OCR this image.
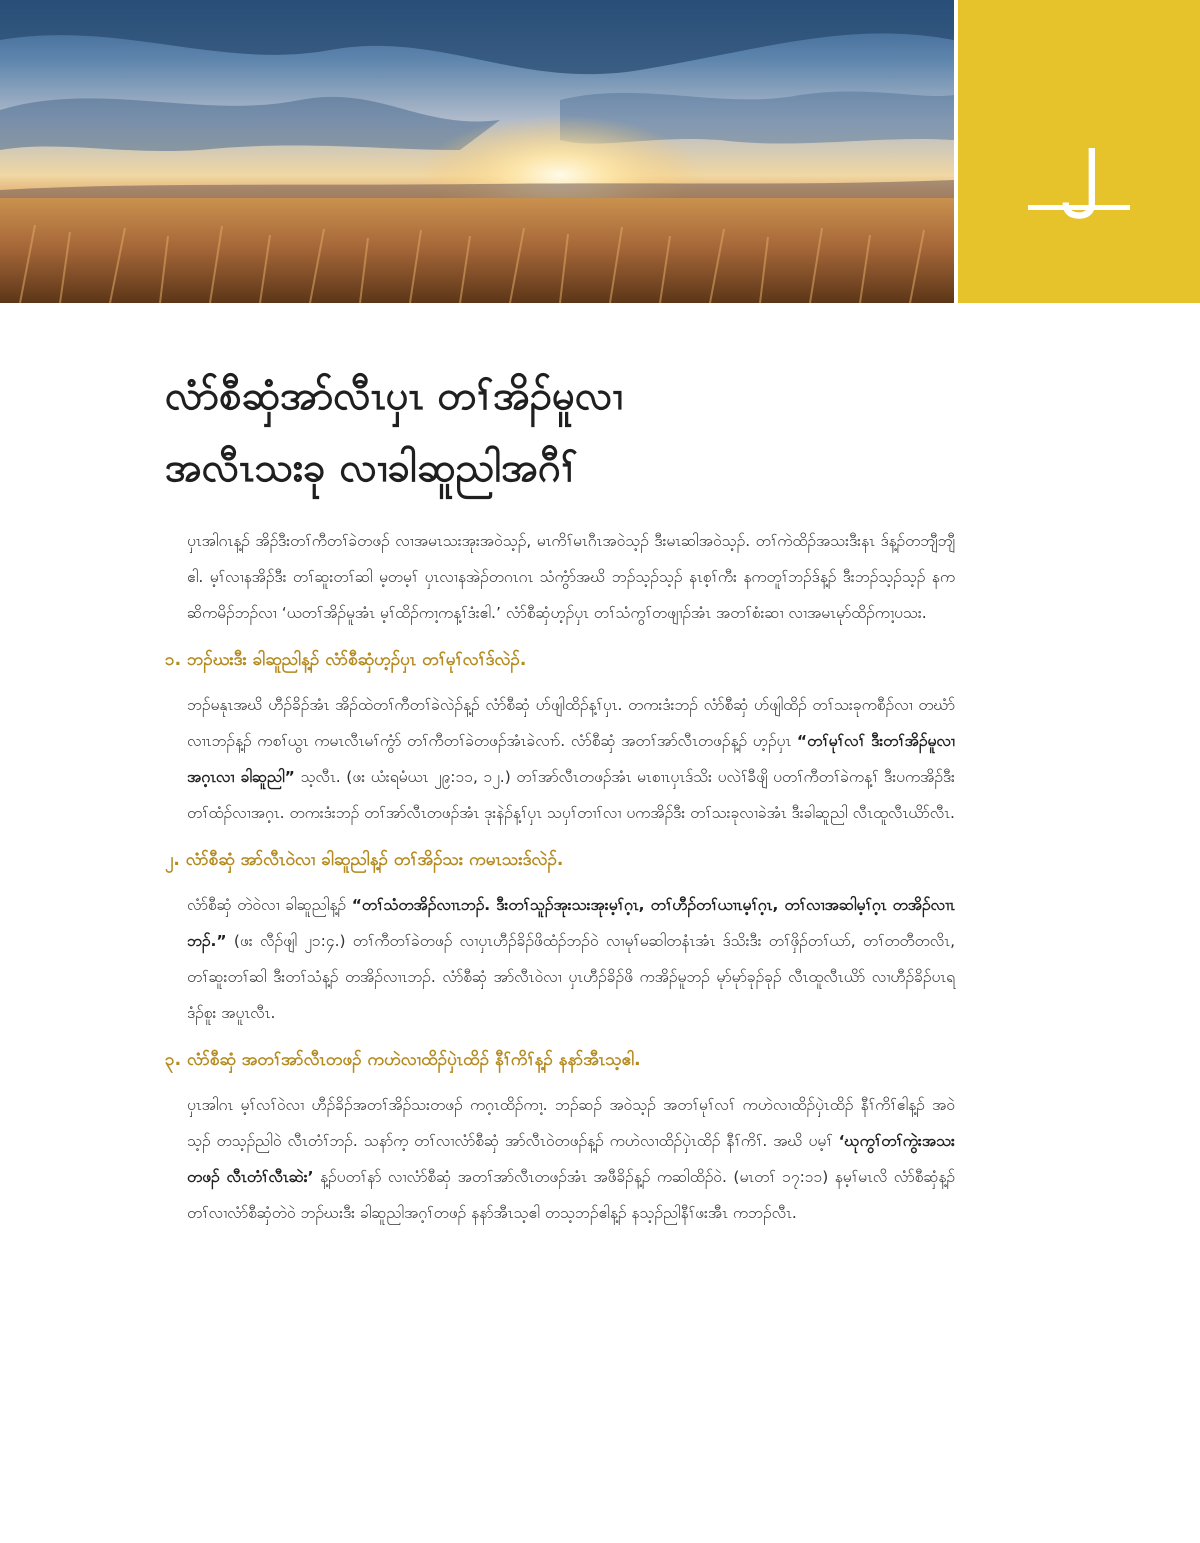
၂
လံာ်စီဆှံအာ်လီၤပှၤ တၢ်အိၣ်မူလၢ
အလီၤသးခု လၢခါဆူညါအဂီၢ်

ပှၤအါဂၤန့ၣ် အိၣ်ဒီးတၢ်ကီတၢ်ခဲတဖၣ် လၢအမၤသးအုးအဝဲသ့ၣ်, မၤကိၢ်မၤဂီၤအဝဲသ့ၣ် ဒီးမၤဆါအဝဲသ့ၣ်. တၢ်ကဲထိၣ်အသးဒီးနၤ ဒ်န့ၣ်တဘျီဘျီဧါ. မ့ၢ်လၢနအိၣ်ဒီး တၢ်ဆူးတၢ်ဆါ မ့တမ့ၢ် ပှၤလၢနအဲၣ်တဂၤဂၤ သံကွံာ်အဃိ ဘၣ်သ့ၣ်သ့ၣ် နၤစ့ၢ်ကီး နကတူၢ်ဘၣ်ဒ်န့ၣ် ဒီးဘၣ်သ့ၣ်သ့ၣ် နကဆိကမိၣ်ဘၣ်လၢ ‘ယတၢ်အိၣ်မူအံၤ မ့ၢ်ထိၣ်ကၢ့ကန့ၢ်ဒံးဧါ.’ လံာ်စီဆှံဟ့ၣ်ပှၤ တၢ်သံကွၢ်တဖျၢၣ်အံၤ အတၢ်စံးဆၢ လၢအမၤမုာ်ထိၣ်ကၢ့ပသး.

၁. ဘၣ်ဃးဒီး ခါဆူညါန့ၣ် လံာ်စီဆှံဟ့ၣ်ပှၤ တၢ်မုၢ်လၢ်ဒ်လဲၣ်.

ဘၣ်မနုၤအဃိ ဟီၣ်ခိၣ်အံၤ အိၣ်ထဲတၢ်ကီတၢ်ခဲလဲၣ်န့ၣ် လံာ်စီဆှံ ပာ်ဖျါထိၣ်န့ၢ်ပှၤ. တကးဒံးဘၣ် လံာ်စီဆှံ ပာ်ဖျါထိၣ် တၢ်သးခုကစီၣ်လၢ တဃံာ်လၢၤဘၣ်န့ၣ် ကစၢ်ယွၤ ကမၤလီၤမၢ်ကွံာ် တၢ်ကီတၢ်ခဲတဖၣ်အံၤခဲလၢာ်. လံာ်စီဆှံ အတၢ်အာ်လီၤတဖၣ်န့ၣ် ဟ့ၣ်ပှၤ “တၢ်မုၢ်လၢ် ဒီးတၢ်အိၣ်မူလၢ အဂ့ၤလၢ ခါဆူညါ” သ့လီၤ. (ဖး ယံးရမံယၤ ၂၉:၁၁, ၁၂.) တၢ်အာ်လီၤတဖၣ်အံၤ မၤစၢၤပှၤဒ်သိး ပလဲၢ်ခီဖျိ ပတၢ်ကီတၢ်ခဲကန့ၢ် ဒီးပကအိၣ်ဒီးတၢ်ထံၣ်လၢအဂ့ၤ. တကးဒံးဘၣ် တၢ်အာ်လီၤတဖၣ်အံၤ ဒုးနဲၣ်န့ၢ်ပှၤ သပှၢ်တၢၢ်လၢ ပကအိၣ်ဒီး တၢ်သးခုလၢခဲအံၤ ဒီးခါဆူညါ လီၤထူလီၤယိာ်လီၤ.

၂. လံာ်စီဆှံ အာ်လီၤဝဲလၢ ခါဆူညါန့ၣ် တၢ်အိၣ်သး ကမၤသးဒ်လဲၣ်.

လံာ်စီဆှံ တဲဝဲလၢ ခါဆူညါန့ၣ် “တၢ်သံတအိၣ်လၢၤဘၣ်. ဒီးတၢ်သူၣ်အုးသးအုးမ့ၢ်ဂ့ၤ, တၢ်ဟီၣ်တၢ်ယၢၤမ့ၢ်ဂ့ၤ, တၢ်လၢအဆါမ့ၢ်ဂ့ၤ တအိၣ်လၢၤဘၣ်.” (ဖး လီၣ်ဖျါ ၂၁:၄.) တၢ်ကီတၢ်ခဲတဖၣ် လၢပှၤဟီၣ်ခိၣ်ဖိထံၣ်ဘၣ်ဝဲ လၢမုၢ်မဆါတနံၤအံၤ ဒ်သိးဒီး တၢ်ဖှိၣ်တၢ်ယာ်, တၢ်တတီတလိၤ, တၢ်ဆူးတၢ်ဆါ ဒီးတၢ်သံန့ၣ် တအိၣ်လၢၤဘၣ်. လံာ်စီဆှံ အာ်လီၤဝဲလၢ ပှၤဟီၣ်ခိၣ်ဖိ ကအိၣ်မူဘၣ် မုာ်မုာ်ခုၣ်ခုၣ် လီၤထူလီၤယိာ် လၢဟီၣ်ခိၣ်ပၤရဒံၣ်စူး အပူၤလီၤ.

၃. လံာ်စီဆှံ အတၢ်အာ်လီၤတဖၣ် ကဟဲလၢထိၣ်ပှဲၤထိၣ် နီၢ်ကိၢ်န့ၣ် နနာ်အီၤသ့ဧါ.

ပှၤအါဂၤ မ့ၢ်လၢ်ဝဲလၢ ဟီၣ်ခိၣ်အတၢ်အိၣ်သးတဖၣ် ကဂ့ၤထိၣ်ကၢ့. ဘၣ်ဆၣ် အဝဲသ့ၣ် အတၢ်မုၢ်လၢ် ကဟဲလၢထိၣ်ပှဲၤထိၣ် နီၢ်ကိၢ်ဧါန့ၣ် အဝဲသ့ၣ် တသ့ၣ်ညါဝဲ လီၤတံၢ်ဘၣ်. သနာ်က့ တၢ်လၢလံာ်စီဆှံ အာ်လီၤဝဲတဖၣ်န့ၣ် ကဟဲလၢထိၣ်ပှဲၤထိၣ် နီၢ်ကိၢ်. အဃိ ပမ့ၢ် ‘ဃုကွၢ်တၢ်ကွဲးအသးတဖၣ် လီၤတံၢ်လီၤဆဲး’ န့ၣ်ပတၢ်နာ် လၢလံာ်စီဆှံ အတၢ်အာ်လီၤတဖၣ်အံၤ အဖီခိၣ်န့ၣ် ကဆါထိၣ်ဝဲ. (မၤတၢ် ၁၇:၁၁) နမ့ၢ်မၤလိ လံာ်စီဆှံန့ၣ် တၢ်လၢလံာ်စီဆှံတဲဝဲ ဘၣ်ဃးဒီး ခါဆူညါအဂ့ၢ်တဖၣ် နနာ်အီၤသ့ဧါ တသ့ဘၣ်ဧါန့ၣ် နသ့ၣ်ညါနီၢ်ဖးအီၤ ကဘၣ်လီၤ.
